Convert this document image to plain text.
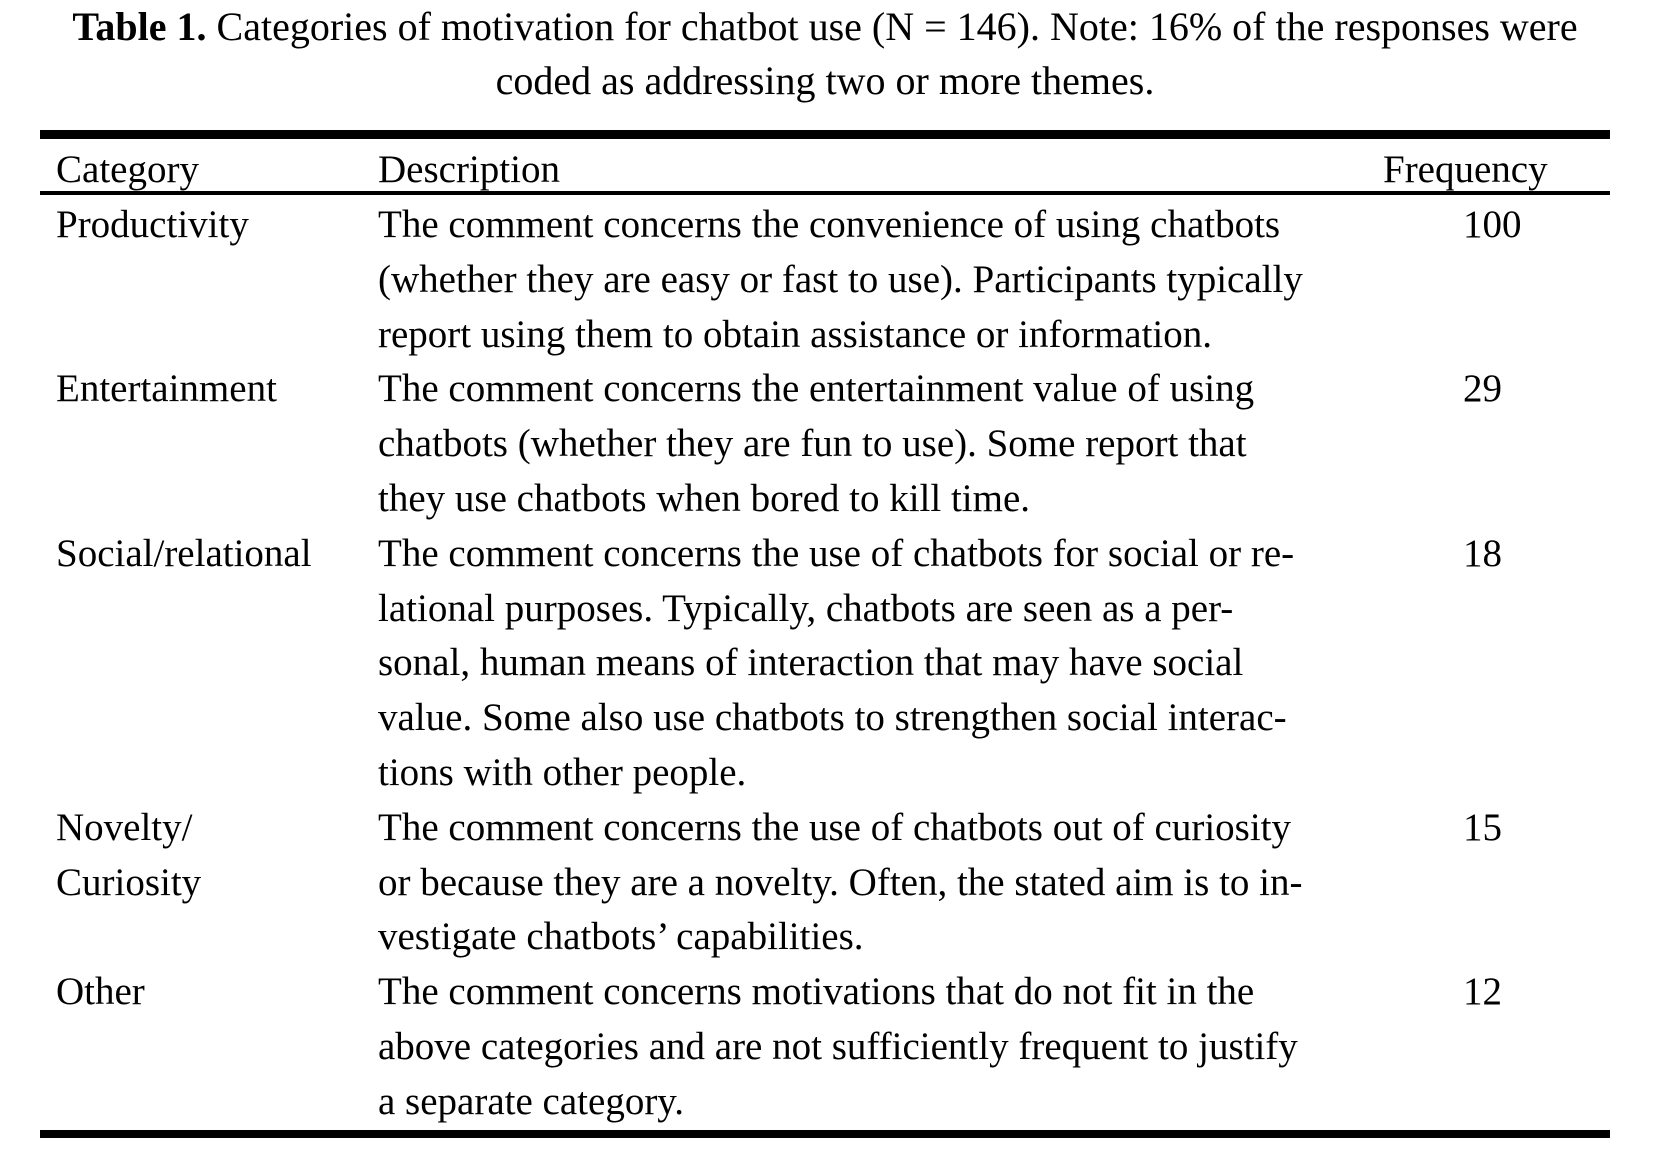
Table 1. Categories of motivation for chatbot use (N = 146). Note: 16% of the responses were
coded as addressing two or more themes.
Category	Description	Frequency
Productivity	The comment concerns the convenience of using chatbots
(whether they are easy or fast to use). Participants typically
report using them to obtain assistance or information.	100
Entertainment	The comment concerns the entertainment value of using
chatbots (whether they are fun to use). Some report that
they use chatbots when bored to kill time.	29
Social/relational	The comment concerns the use of chatbots for social or re-
lational purposes. Typically, chatbots are seen as a per-
sonal, human means of interaction that may have social
value. Some also use chatbots to strengthen social interac-
tions with other people.	18
Novelty/
Curiosity	The comment concerns the use of chatbots out of curiosity
or because they are a novelty. Often, the stated aim is to in-
vestigate chatbots’ capabilities.	15
Other	The comment concerns motivations that do not fit in the
above categories and are not sufficiently frequent to justify
a separate category.	12
